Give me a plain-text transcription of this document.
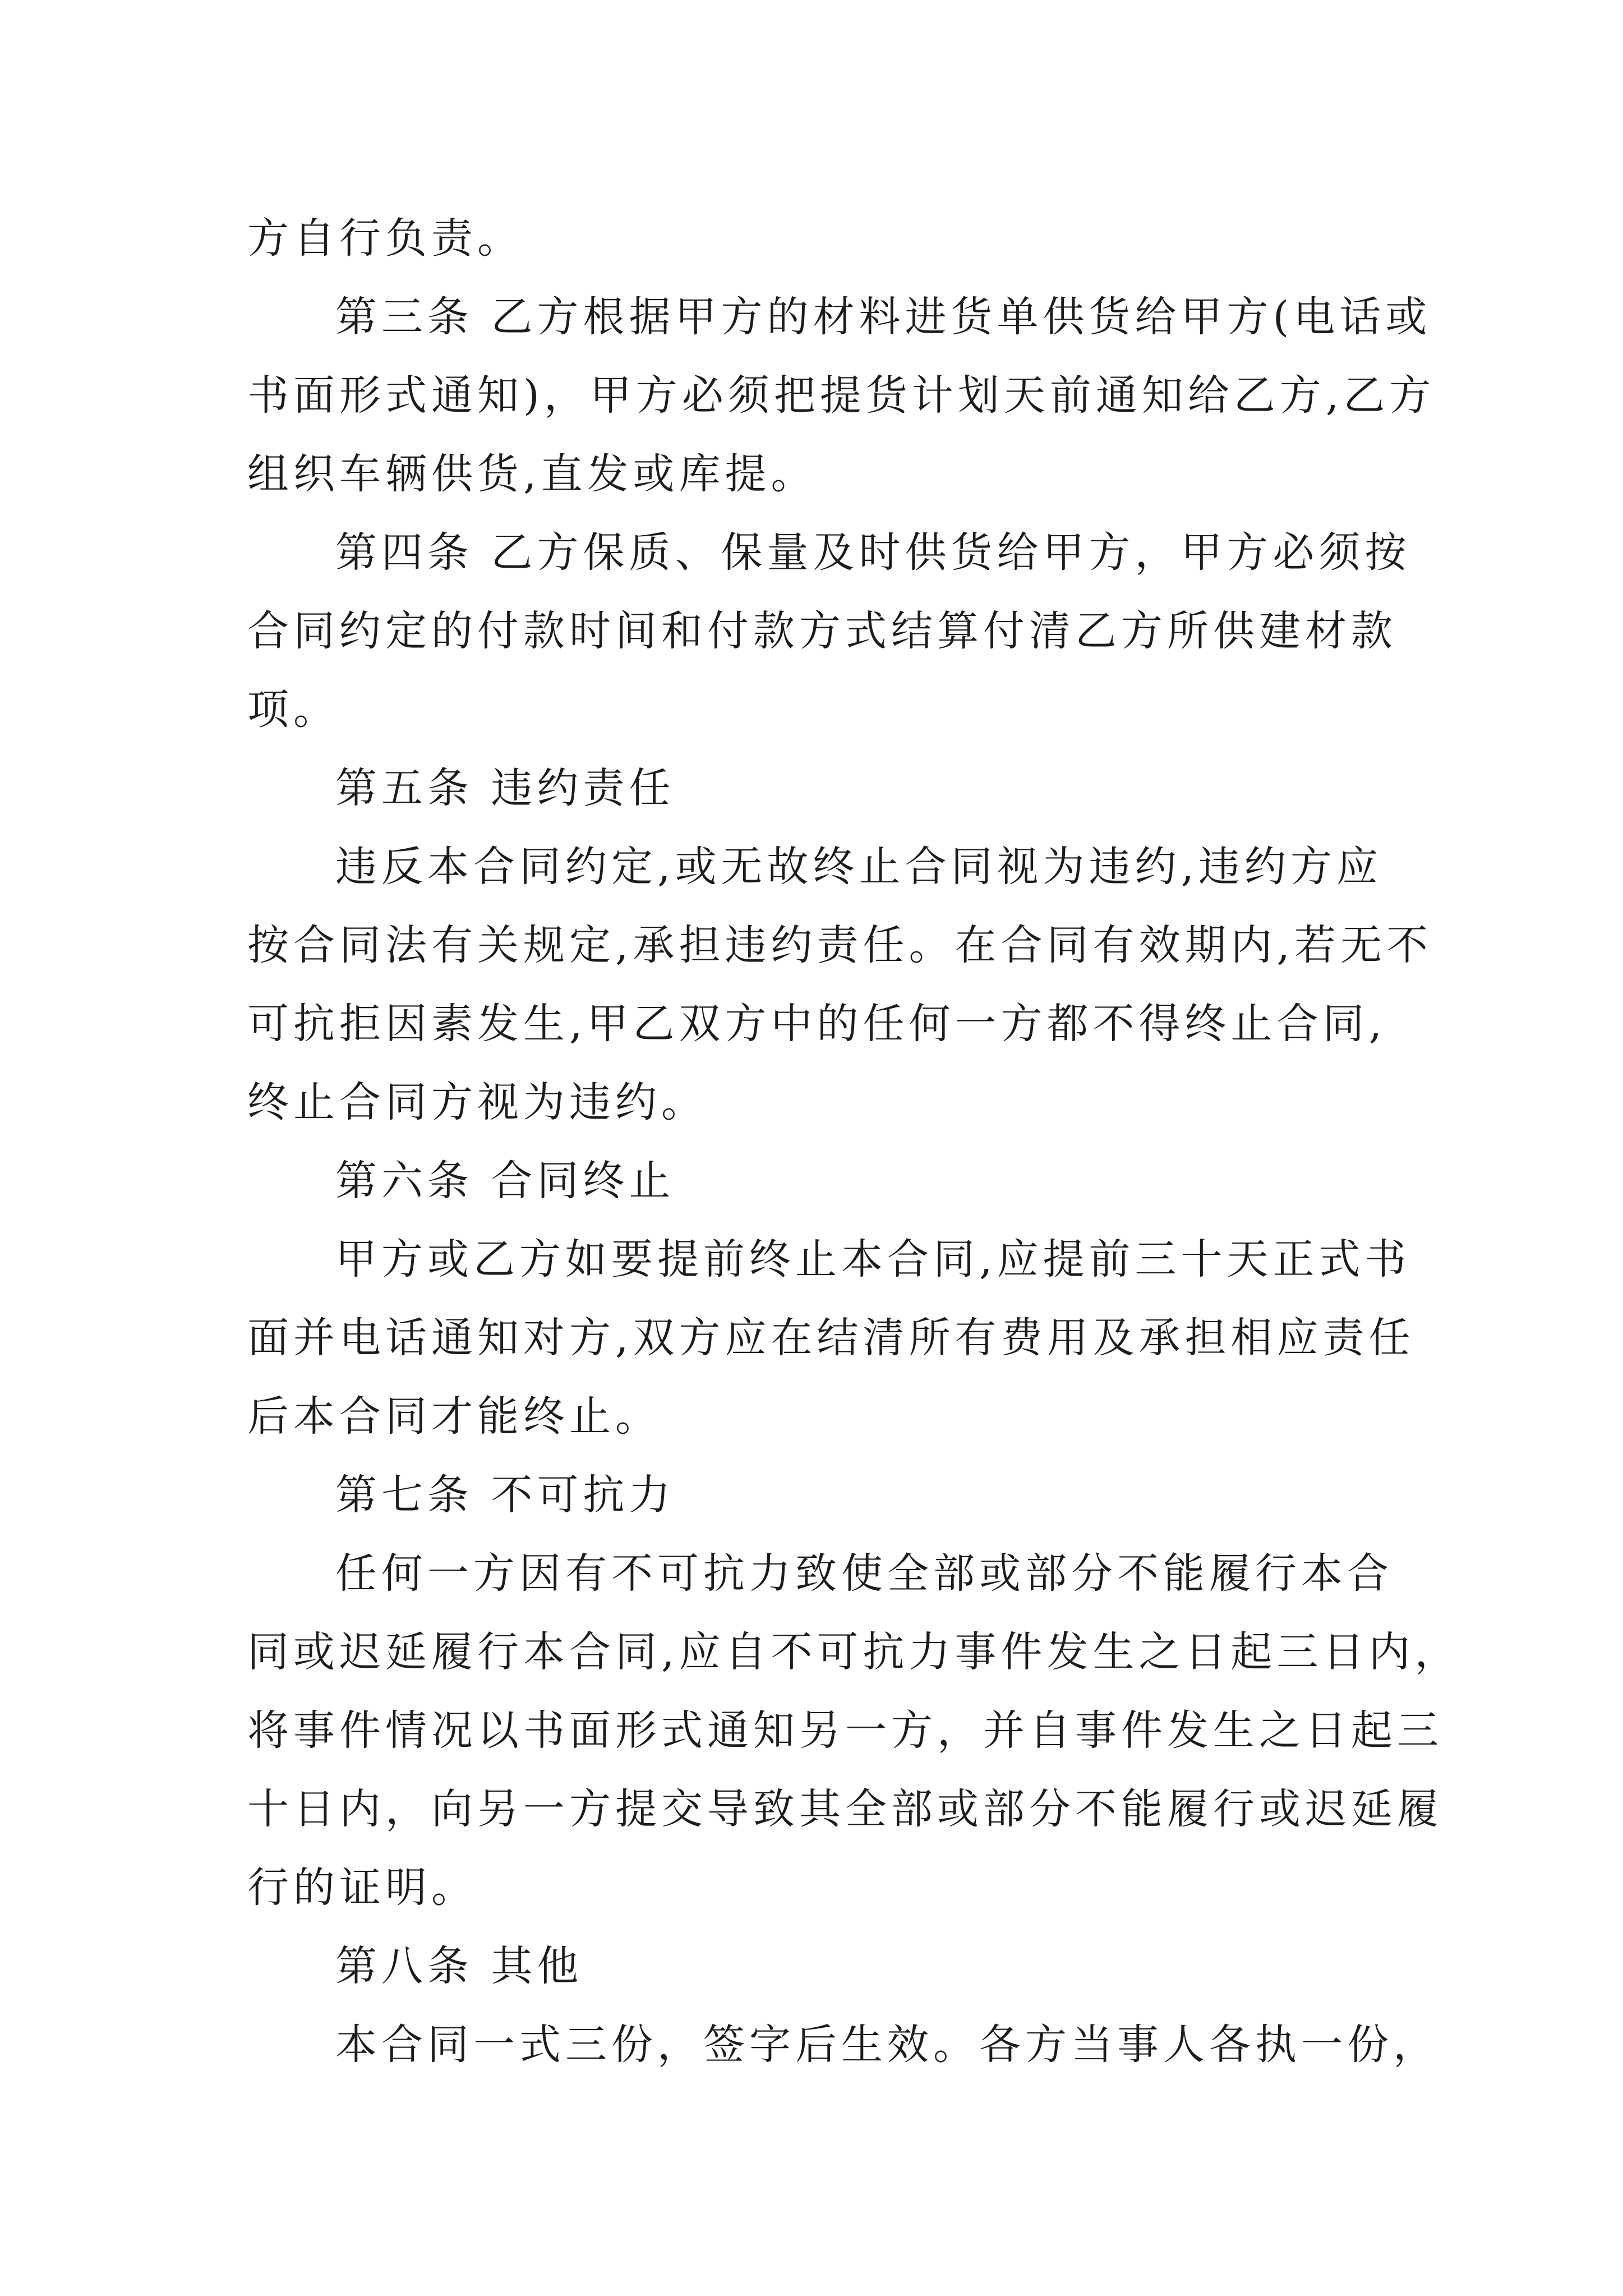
方自行负责。
第三条 乙方根据甲方的材料进货单供货给甲方(电话或
书面形式通知)，甲方必须把提货计划天前通知给乙方,乙方
组织车辆供货,直发或库提。
第四条 乙方保质、保量及时供货给甲方，甲方必须按
合同约定的付款时间和付款方式结算付清乙方所供建材款
项。
第五条 违约责任
违反本合同约定,或无故终止合同视为违约,违约方应
按合同法有关规定,承担违约责任。在合同有效期内,若无不
可抗拒因素发生,甲乙双方中的任何一方都不得终止合同,
终止合同方视为违约。
第六条 合同终止
甲方或乙方如要提前终止本合同,应提前三十天正式书
面并电话通知对方,双方应在结清所有费用及承担相应责任
后本合同才能终止。
第七条 不可抗力
任何一方因有不可抗力致使全部或部分不能履行本合
同或迟延履行本合同,应自不可抗力事件发生之日起三日内，
将事件情况以书面形式通知另一方，并自事件发生之日起三
十日内，向另一方提交导致其全部或部分不能履行或迟延履
行的证明。
第八条 其他
本合同一式三份，签字后生效。各方当事人各执一份，
